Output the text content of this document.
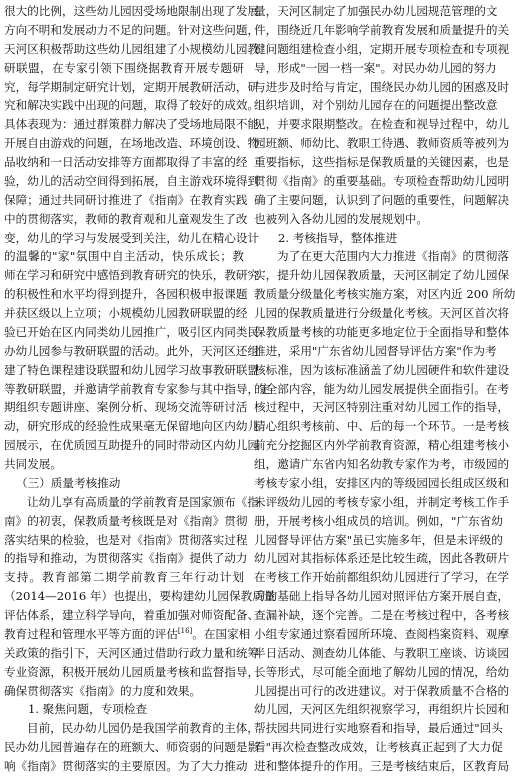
很大的比例，这些幼儿园因受场地限制出现了发展
方向不明和发展动力不足的问题。针对这些问题，
天河区积极帮助这些幼儿园组建了小规模幼儿园教
研联盟，在专家引领下围绕据教育开展专题研
究，每学期制定研究计划，定期开展教研活动，研
究和解决实践中出现的问题，取得了较好的成效。
具体表现为：通过群策群力解决了受场地局限不能
开展自由游戏的问题，在场地改造、环境创设、物
品收纳和一日活动安排等方面都取得了丰富的经
验，幼儿的活动空间得到拓展，自主游戏环境得到
保障；通过共同研讨推进了《指南》在教育实践
中的贯彻落实，教师的教育观和儿童观发生了改
变，幼儿的学习与发展受到关注，幼儿在精心设计
的温馨的"家"氛围中自主活动，快乐成长；教
师在学习和研究中感悟到教育研究的快乐，教研究
的积极性和水平均得到提升，各园积极申报课题
并获区级以上立项；小规模幼儿园教研联盟的经
验已开始在区内同类幼儿园推广，吸引区内同类民
办幼儿园参与教研联盟的活动。此外，天河区还组
建了特色课程建设联盟和幼儿园学习故事教研联盟
等教研联盟，并邀请学前教育专家参与其中指导，定
期组织专题讲座、案例分析、现场交流等研讨活
动，研究形成的经验性成果毫无保留地向区内幼儿
园展示，在优质园互助提升的同时带动区内幼儿园
共同发展。
（三）质量考核推动
让幼儿享有高质量的学前教育是国家颁布《指
南》的初衷，保教质量考核既是对《指南》贯彻
落实结果的检验，也是对《指南》贯彻落实过程
的指导和推动，为贯彻落实《指南》提供了动力
支持。教育部第二期学前教育三年行动计划
（2014—2016 年）也提出，要构建幼儿园保教质量
评估体系，建立科学导向，着重加强对师资配备、
教育过程和管理水平等方面的评估[16]。在国家相
关政策的指引下，天河区通过借助行政力量和统筹
专业资源，积极开展幼儿园质量考核和监督指导，
确保贯彻落实《指南》的力度和效果。
1. 聚焦问题，专项检查
目前，民办幼儿园仍是我国学前教育的主体，
民办幼儿园普遍存在的班额大、师资弱的问题是影
响《指南》贯彻落实的主要原因。为了大力推动
量，天河区制定了加强民办幼儿园规范管理的文
件，围绕近几年影响学前教育发展和质量提升的关
键问题组建检查小组，定期开展专项检查和专项视
导，形成"一园一档一案"。对民办幼儿园的努力
与进步及时给与肯定，围绕民办幼儿园的困惑及时
组织培训，对个别幼儿园存在的问题提出整改意
见，并要求限期整改。在检查和视导过程中，幼儿
园班额、师幼比、教职工待遇、教师资质等被列为
重要指标，这些指标是保教质量的关键因素，也是
贯彻《指南》的重要基础。专项检查帮助幼儿园明
确了主要问题，认识到了问题的重要性，问题解决
也被列入各幼儿园的发展规划中。
2. 考核指导，整体推进
为了在更大范围内大力推进《指南》的贯彻落
实，提升幼儿园保教质量，天河区制定了幼儿园保
教质量分级量化考核实施方案，对区内近 200 所幼
儿园的保教质量进行分级量化考核。天河区首次将
保教质量考核的功能更多地定位于全面指导和整体
推进，采用"广东省幼儿园督导评估方案"作为考
核标准，因为该标准涵盖了幼儿园硬件和软件建设
的全部内容，能为幼儿园发展提供全面指引。在考
核过程中，天河区特别注重对幼儿园工作的指导，
精心组织考核前、中、后的每一个环节。一是考核
前充分挖掘区内外学前教育资源，精心组建考核小
组，邀请广东省内知名幼教专家作为考，市级园的
考核专家小组，安排区内的等级园园长组成区级和
未评级幼儿园的考核专家小组，并制定考核工作手
册，开展考核小组成员的培训。例如，"广东省幼
儿园督导评估方案"虽已实施多年，但是未评级的
幼儿园对其指标体系还是比较生疏，因此各教研片
在考核工作开始前都组织幼儿园进行了学习，在学
习的基础上指导各幼儿园对照评估方案开展自查，
查漏补缺，逐个完善。二是在考核过程中，各考核
小组专家通过察看园所环境、查阅档案资料、观摩
半日活动、测查幼儿体能、与教职工座谈、访谈园
长等形式，尽可能全面地了解幼儿园的情况，给幼
儿园提出可行的改进建议。对于保教质量不合格的
幼儿园，天河区先组织视察学习，再组织片长园和
帮扶园共同进行实地察看和指导，最后通过"回头
看"再次检查整改成效，让考核真正起到了大力促
进和整体提升的作用。三是考核结束后，区教育局
